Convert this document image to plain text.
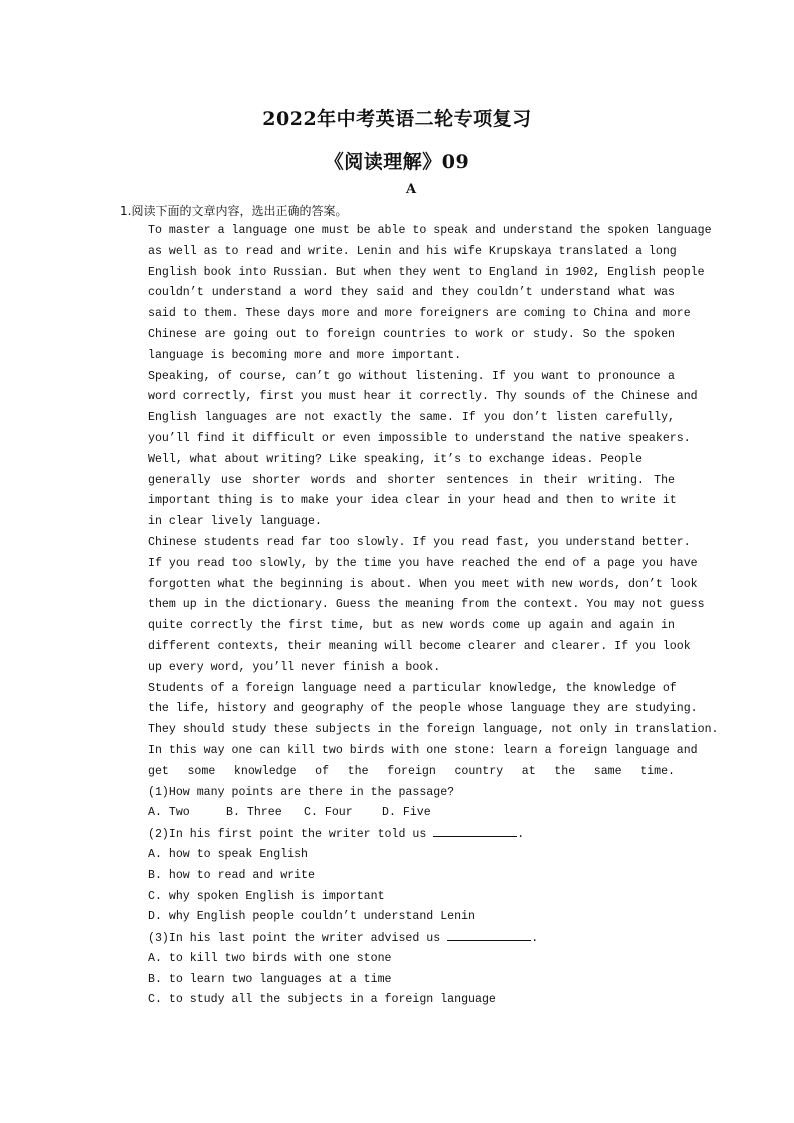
2022年中考英语二轮专项复习
《阅读理解》09
A
1.阅读下面的文章内容，选出正确的答案。
To master a language one must be able to speak and understand the spoken language
as well as to read and write. Lenin and his wife Krupskaya translated a long
English book into Russian. But when they went to England in 1902, English people
couldn’t understand a word they said and they couldn’t understand what was
said to them. These days more and more foreigners are coming to China and more
Chinese are going out to foreign countries to work or study. So the spoken
language is becoming more and more important.
Speaking, of course, can’t go without listening. If you want to pronounce a
word correctly, first you must hear it correctly. Thy sounds of the Chinese and
English languages are not exactly the same. If you don’t listen carefully,
you’ll find it difficult or even impossible to understand the native speakers.
Well, what about writing? Like speaking, it’s to exchange ideas. People
generally use shorter words and shorter sentences in their writing. The
important thing is to make your idea clear in your head and then to write it
in clear lively language.
Chinese students read far too slowly. If you read fast, you understand better.
If you read too slowly, by the time you have reached the end of a page you have
forgotten what the beginning is about. When you meet with new words, don’t look
them up in the dictionary. Guess the meaning from the context. You may not guess
quite correctly the first time, but as new words come up again and again in
different contexts, their meaning will become clearer and clearer. If you look
up every word, you’ll never finish a book.
Students of a foreign language need a particular knowledge, the knowledge of
the life, history and geography of the people whose language they are studying.
They should study these subjects in the foreign language, not only in translation.
In this way one can kill two birds with one stone: learn a foreign language and
get some knowledge of the foreign country at the same time.
(1)How many points are there in the passage?
A. Two	B. Three C. Four	D. Five
(2)In his first point the writer told us	.
A. how to speak English
B. how to read and write
C. why spoken English is important
D. why English people couldn’t understand Lenin
(3)In his last point the writer advised us	.
A. to kill two birds with one stone
B. to learn two languages at a time
C. to study all the subjects in a foreign language
